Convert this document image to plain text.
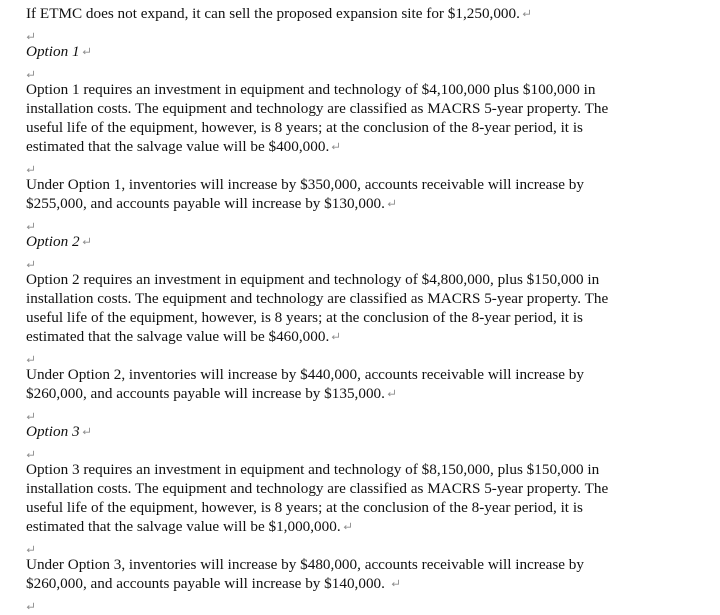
If ETMC does not expand, it can sell the proposed expansion site for $1,250,000.
Option 1
Option 1 requires an investment in equipment and technology of $4,100,000 plus $100,000 in
installation costs. The equipment and technology are classified as MACRS 5-year property. The
useful life of the equipment, however, is 8 years; at the conclusion of the 8-year period, it is
estimated that the salvage value will be $400,000.
Under Option 1, inventories will increase by $350,000, accounts receivable will increase by
$255,000, and accounts payable will increase by $130,000.
Option 2
Option 2 requires an investment in equipment and technology of $4,800,000, plus $150,000 in
installation costs. The equipment and technology are classified as MACRS 5-year property. The
useful life of the equipment, however, is 8 years; at the conclusion of the 8-year period, it is
estimated that the salvage value will be $460,000.
Under Option 2, inventories will increase by $440,000, accounts receivable will increase by
$260,000, and accounts payable will increase by $135,000.
Option 3
Option 3 requires an investment in equipment and technology of $8,150,000, plus $150,000 in
installation costs. The equipment and technology are classified as MACRS 5-year property. The
useful life of the equipment, however, is 8 years; at the conclusion of the 8-year period, it is
estimated that the salvage value will be $1,000,000.
Under Option 3, inventories will increase by $480,000, accounts receivable will increase by
$260,000, and accounts payable will increase by $140,000.
